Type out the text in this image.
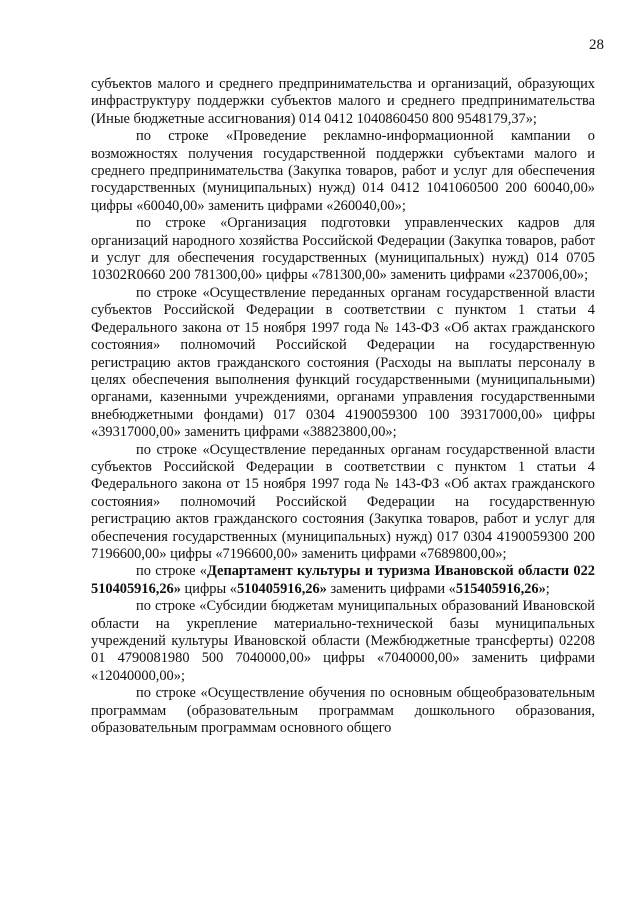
28

субъектов малого и среднего предпринимательства и организаций, образующих инфраструктуру поддержки субъектов малого и среднего предпринимательства (Иные бюджетные ассигнования) 014 0412 1040860450 800 9548179,37»;

по строке «Проведение рекламно-информационной кампании о возможностях получения государственной поддержки субъектами малого и среднего предпринимательства (Закупка товаров, работ и услуг для обеспечения государственных (муниципальных) нужд) 014 0412 1041060500 200 60040,00» цифры «60040,00» заменить цифрами «260040,00»;

по строке «Организация подготовки управленческих кадров для организаций народного хозяйства Российской Федерации (Закупка товаров, работ и услуг для обеспечения государственных (муниципальных) нужд) 014 0705 10302R0660 200 781300,00» цифры «781300,00» заменить цифрами «237006,00»;

по строке «Осуществление переданных органам государственной власти субъектов Российской Федерации в соответствии с пунктом 1 статьи 4 Федерального закона от 15 ноября 1997 года № 143-ФЗ «Об актах гражданского состояния» полномочий Российской Федерации на государственную регистрацию актов гражданского состояния (Расходы на выплаты персоналу в целях обеспечения выполнения функций государственными (муниципальными) органами, казенными учреждениями, органами управления государственными внебюджетными фондами) 017 0304 4190059300 100 39317000,00» цифры «39317000,00» заменить цифрами «38823800,00»;

по строке «Осуществление переданных органам государственной власти субъектов Российской Федерации в соответствии с пунктом 1 статьи 4 Федерального закона от 15 ноября 1997 года № 143-ФЗ «Об актах гражданского состояния» полномочий Российской Федерации на государственную регистрацию актов гражданского состояния (Закупка товаров, работ и услуг для обеспечения государственных (муниципальных) нужд) 017 0304 4190059300 200 7196600,00» цифры «7196600,00» заменить цифрами «7689800,00»;

по строке «Департамент культуры и туризма Ивановской области 022 510405916,26» цифры «510405916,26» заменить цифрами «515405916,26»;

по строке «Субсидии бюджетам муниципальных образований Ивановской области на укрепление материально-технической базы муниципальных учреждений культуры Ивановской области (Межбюджетные трансферты) 02208 01 4790081980 500 7040000,00» цифры «7040000,00» заменить цифрами «12040000,00»;

по строке «Осуществление обучения по основным общеобразовательным программам (образовательным программам дошкольного образования, образовательным программам основного общего
